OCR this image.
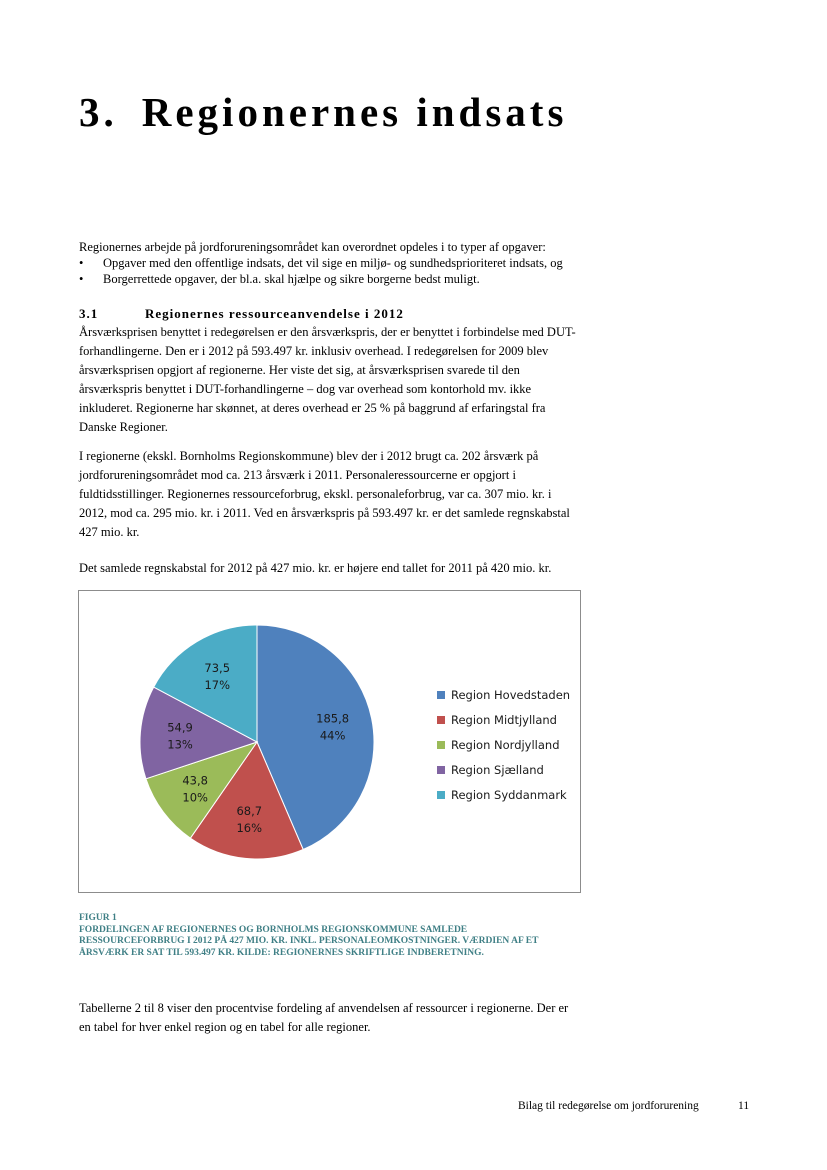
3. Regionernes indsats

Regionernes arbejde på jordforureningsområdet kan overordnet opdeles i to typer af opgaver:

• Opgaver med den offentlige indsats, det vil sige en miljø- og sundhedsprioriteret indsats, og
• Borgerrettede opgaver, der bl.a. skal hjælpe og sikre borgerne bedst muligt.
3.1	Regionernes ressourceanvendelse i 2012

Årsværksprisen benyttet i redegørelsen er den årsværkspris, der er benyttet i forbindelse med DUT-

forhandlingerne. Den er i 2012 på 593.497 kr. inklusiv overhead. I redegørelsen for 2009 blev

årsværksprisen opgjort af regionerne. Her viste det sig, at årsværksprisen svarede til den

årsværkspris benyttet i DUT-forhandlingerne – dog var overhead som kontorhold mv. ikke

inkluderet. Regionerne har skønnet, at deres overhead er 25 % på baggrund af erfaringstal fra

Danske Regioner.

I regionerne (ekskl. Bornholms Regionskommune) blev der i 2012 brugt ca. 202 årsværk på

jordforureningsområdet mod ca. 213 årsværk i 2011. Personaleressourcerne er opgjort i

fuldtidsstillinger. Regionernes ressourceforbrug, ekskl. personaleforbrug, var ca. 307 mio. kr. i

2012, mod ca. 295 mio. kr. i 2011. Ved en årsværkspris på 593.497 kr. er det samlede regnskabstal

427 mio. kr.

Det samlede regnskabstal for 2012 på 427 mio. kr. er højere end tallet for 2011 på 420 mio. kr.

185,8
44%
68,7
16%
43,8
10%
54,9
13%
73,5
17%
Region Hovedstaden
Region Midtjylland
Region Nordjylland
Region Sjælland
Region Syddanmark
FIGUR 1
FORDELINGEN AF REGIONERNES OG BORNHOLMS REGIONSKOMMUNE SAMLEDE
RESSOURCEFORBRUG I 2012 PÅ 427 MIO. KR. INKL. PERSONALEOMKOSTNINGER. VÆRDIEN AF ET
ÅRSVÆRK ER SAT TIL 593.497 KR. KILDE: REGIONERNES SKRIFTLIGE INDBERETNING.

Tabellerne 2 til 8 viser den procentvise fordeling af anvendelsen af ressourcer i regionerne. Der er

en tabel for hver enkel region og en tabel for alle regioner.

Bilag til redegørelse om jordforurening	11
